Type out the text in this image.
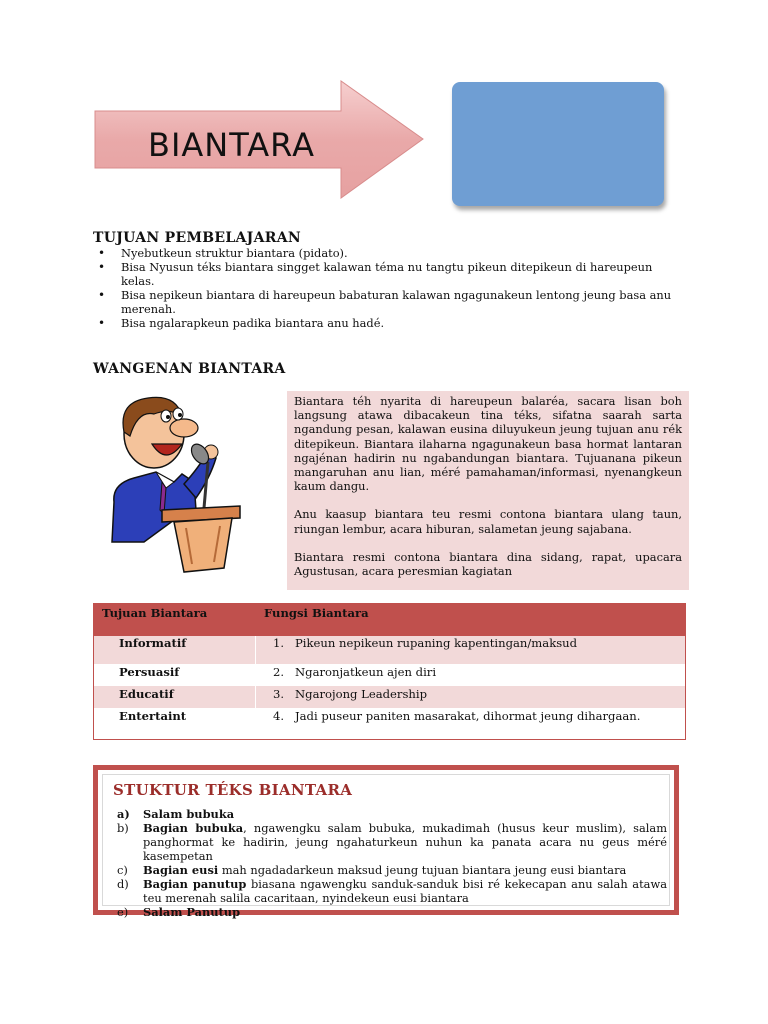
BIANTARA
TUJUAN PEMBELAJARAN
• Nyebutkeun struktur biantara (pidato).
• Bisa Nyusun téks biantara singget kalawan téma nu tangtu pikeun ditepikeun di hareupeun kelas.
• Bisa nepikeun biantara di hareupeun babaturan kalawan ngagunakeun lentong jeung basa anu merenah.
• Bisa ngalarapkeun padika biantara anu hadé.
WANGENAN BIANTARA

Biantara téh nyarita di hareupeun balaréa, sacara lisan boh langsung atawa dibacakeun tina téks, sifatna saarah sarta ngandung pesan, kalawan eusina diluyukeun jeung tujuan anu rék ditepikeun. Biantara ilaharna ngagunakeun basa hormat lantaran ngajénan hadirin nu ngabandungan biantara. Tujuanana pikeun mangaruhan anu lian, méré pamahaman/informasi, nyenangkeun kaum dangu.

Anu kaasup biantara teu resmi contona biantara ulang taun, riungan lembur, acara hiburan, salametan jeung sajabana.

Biantara resmi contona biantara dina sidang, rapat, upacara Agustusan, acara peresmian kagiatan

Tujuan Biantara	Fungsi Biantara
Informatif	1. Pikeun nepikeun rupaning kapentingan/maksud
Persuasif	2. Ngaronjatkeun ajen diri
Educatif	3. Ngarojong Leadership
Entertaint	4. Jadi puseur paniten masarakat, dihormat jeung dihargaan.
STUKTUR TÉKS BIANTARA
a) Salam bubuka
b) Bagian bubuka, ngawengku salam bubuka, mukadimah (husus keur muslim), salam panghormat ke hadirin, jeung ngahaturkeun nuhun ka panata acara nu geus méré kasempetan
c) Bagian eusi mah ngadadarkeun maksud jeung tujuan biantara jeung eusi biantara
d) Bagian panutup biasana ngawengku sanduk-sanduk bisi ré kekecapan anu salah atawa teu merenah salila cacaritaan, nyindekeun eusi biantara
e) Salam Panutup
